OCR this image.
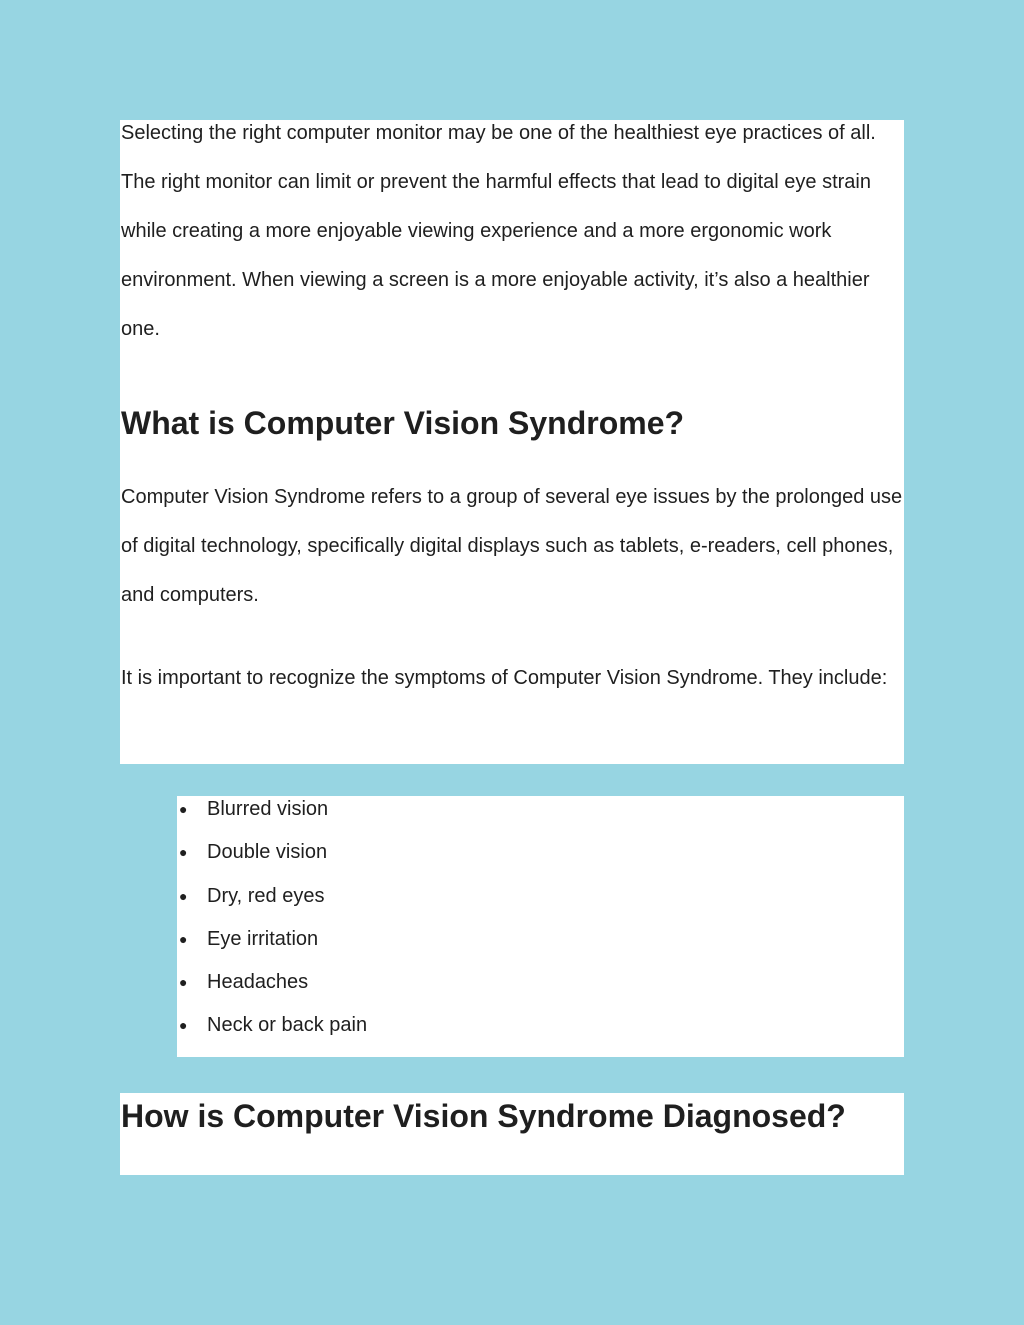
Selecting the right computer monitor may be one of the healthiest eye practices of all. The right monitor can limit or prevent the harmful effects that lead to digital eye strain while creating a more enjoyable viewing experience and a more ergonomic work environment. When viewing a screen is a more enjoyable activity, it’s also a healthier one.

What is Computer Vision Syndrome?

Computer Vision Syndrome refers to a group of several eye issues by the prolonged use of digital technology, specifically digital displays such as tablets, e-readers, cell phones, and computers.

It is important to recognize the symptoms of Computer Vision Syndrome. They include:

● Blurred vision
● Double vision
● Dry, red eyes
● Eye irritation
● Headaches
● Neck or back pain
How is Computer Vision Syndrome Diagnosed?
